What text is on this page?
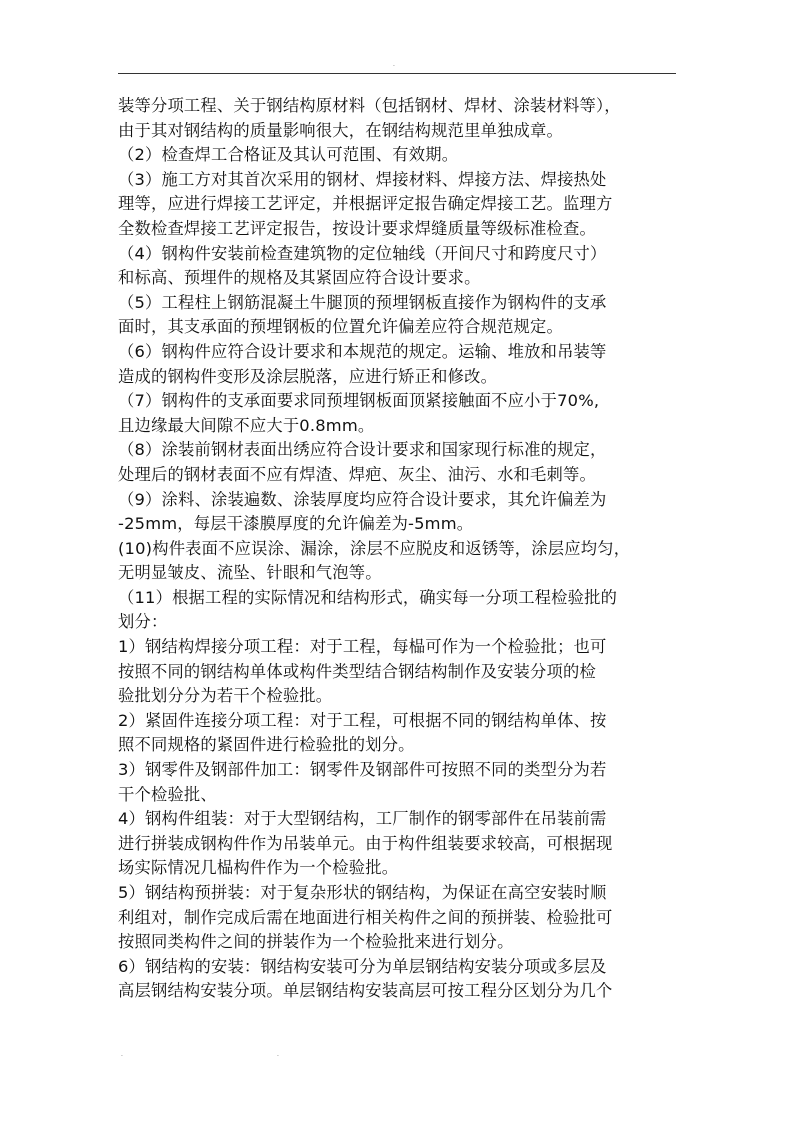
.
装等分项工程、关于钢结构原材料（包括钢材、焊材、涂装材料等），
由于其对钢结构的质量影响很大，在钢结构规范里单独成章。
（2）检查焊工合格证及其认可范围、有效期。
（3）施工方对其首次采用的钢材、焊接材料、焊接方法、焊接热处
理等，应进行焊接工艺评定，并根据评定报告确定焊接工艺。监理方
全数检查焊接工艺评定报告，按设计要求焊缝质量等级标准检查。
（4）钢构件安装前检查建筑物的定位轴线（开间尺寸和跨度尺寸）
和标高、预埋件的规格及其紧固应符合设计要求。
（5）工程柱上钢筋混凝土牛腿顶的预埋钢板直接作为钢构件的支承
面时，其支承面的预埋钢板的位置允许偏差应符合规范规定。
（6）钢构件应符合设计要求和本规范的规定。运输、堆放和吊装等
造成的钢构件变形及涂层脱落，应进行矫正和修改。
（7）钢构件的支承面要求同预埋钢板面顶紧接触面不应小于70%,
且边缘最大间隙不应大于0.8mm。
（8）涂装前钢材表面出绣应符合设计要求和国家现行标准的规定，
处理后的钢材表面不应有焊渣、焊疤、灰尘、油污、水和毛刺等。
（9）涂料、涂装遍数、涂装厚度均应符合设计要求，其允许偏差为
-25mm，每层干漆膜厚度的允许偏差为-5mm。
(10)构件表面不应误涂、漏涂，涂层不应脱皮和返锈等，涂层应均匀，
无明显皱皮、流坠、针眼和气泡等。
（11）根据工程的实际情况和结构形式，确实每一分项工程检验批的
划分：
1）钢结构焊接分项工程：对于工程，每榀可作为一个检验批；也可
按照不同的钢结构单体或构件类型结合钢结构制作及安装分项的检
验批划分分为若干个检验批。
2）紧固件连接分项工程：对于工程，可根据不同的钢结构单体、按
照不同规格的紧固件进行检验批的划分。
3）钢零件及钢部件加工：钢零件及钢部件可按照不同的类型分为若
干个检验批、
4）钢构件组装：对于大型钢结构，工厂制作的钢零部件在吊装前需
进行拼装成钢构件作为吊装单元。由于构件组装要求较高，可根据现
场实际情况几榀构件作为一个检验批。
5）钢结构预拼装：对于复杂形状的钢结构，为保证在高空安装时顺
利组对，制作完成后需在地面进行相关构件之间的预拼装、检验批可
按照同类构件之间的拼装作为一个检验批来进行划分。
6）钢结构的安装：钢结构安装可分为单层钢结构安装分项或多层及
高层钢结构安装分项。单层钢结构安装高层可按工程分区划分为几个
.	.
